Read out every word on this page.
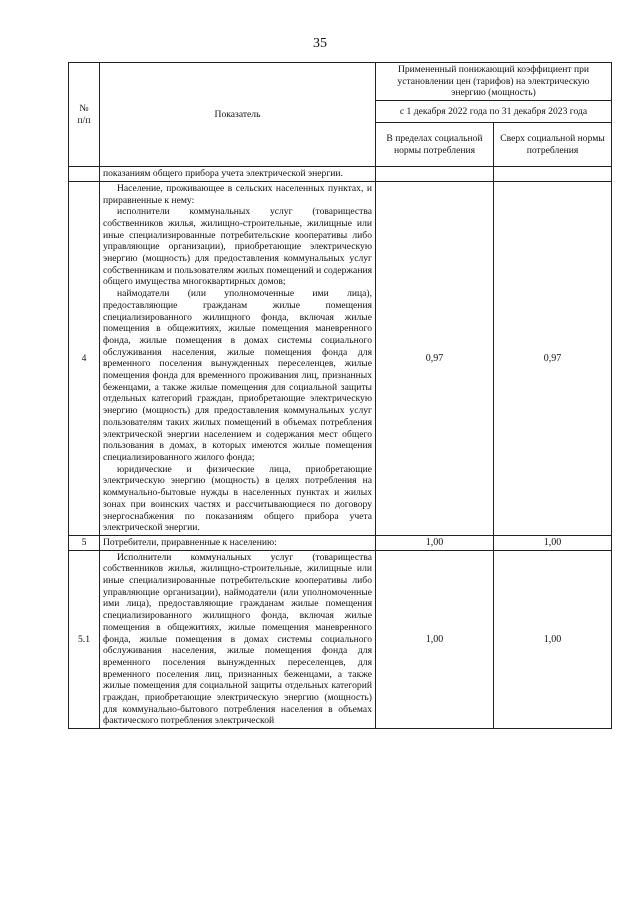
35
№
п/п	Показатель	Примененный понижающий коэффициент при установлении цен (тарифов) на электрическую энергию (мощность)	
		с 1 декабря 2022 года по 31 декабря 2023 года	
		В пределах социальной нормы потребления	Сверх социальной нормы потребления

	показаниям общего прибора учета электрической энергии.		

4	Население, проживающее в сельских населенных пунктах, и приравненные к нему:

исполнители коммунальных услуг (товарищества собственников жилья, жилищно-строительные, жилищные или иные специализированные потребительские кооперативы либо управляющие организации), приобретающие электрическую энергию (мощность) для предоставления коммунальных услуг собственникам и пользователям жилых помещений и содержания общего имущества многоквартирных домов;

наймодатели (или уполномоченные ими лица), предоставляющие гражданам жилые помещения специализированного жилищного фонда, включая жилые помещения в общежитиях, жилые помещения маневренного фонда, жилые помещения в домах системы социального обслуживания населения, жилые помещения фонда для временного поселения вынужденных переселенцев, жилые помещения фонда для временного проживания лиц, признанных беженцами, а также жилые помещения для социальной защиты отдельных категорий граждан, приобретающие электрическую энергию (мощность) для предоставления коммунальных услуг пользователям таких жилых помещений в объемах потребления электрической энергии населением и содержания мест общего пользования в домах, в которых имеются жилые помещения специализированного жилого фонда;

юридические и физические лица, приобретающие электрическую энергию (мощность) в целях потребления на коммунально-бытовые нужды в населенных пунктах и жилых зонах при воинских частях и рассчитывающиеся по договору энергоснабжения по показаниям общего прибора учета электрической энергии.	0,97	0,97
5	Потребители, приравненные к населению:	1,00	1,00
5.1	Исполнители коммунальных услуг (товарищества собственников жилья, жилищно-строительные, жилищные или иные специализированные потребительские кооперативы либо управляющие организации), наймодатели (или уполномоченные ими лица), предоставляющие гражданам жилые помещения специализированного жилищного фонда, включая жилые помещения в общежитиях, жилые помещения маневренного фонда, жилые помещения в домах системы социального обслуживания населения, жилые помещения фонда для временного поселения вынужденных переселенцев, для временного поселения лиц, признанных беженцами, а также жилые помещения для социальной защиты отдельных категорий граждан, приобретающие электрическую энергию (мощность) для коммунально-бытового потребления населения в объемах фактического потребления электрической	1,00	1,00
